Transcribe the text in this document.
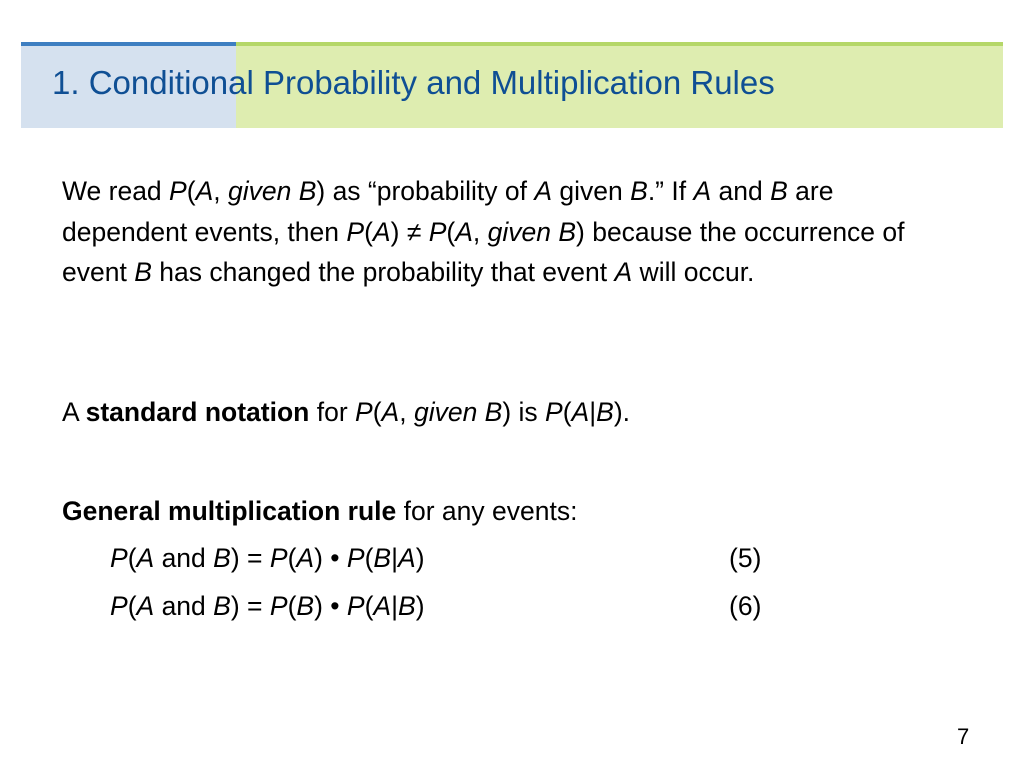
1. Conditional Probability and Multiplication Rules
We read P(A, given B) as “probability of A given B.” If A and B are dependent events, then P(A) ≠ P(A, given B) because the occurrence of event B has changed the probability that event A will occur.
A standard notation for P(A, given B) is P(A|B).
General multiplication rule for any events:
P(A and B) = P(A) • P(B|A)	(5)
P(A and B) = P(B) • P(A|B)	(6)
7
